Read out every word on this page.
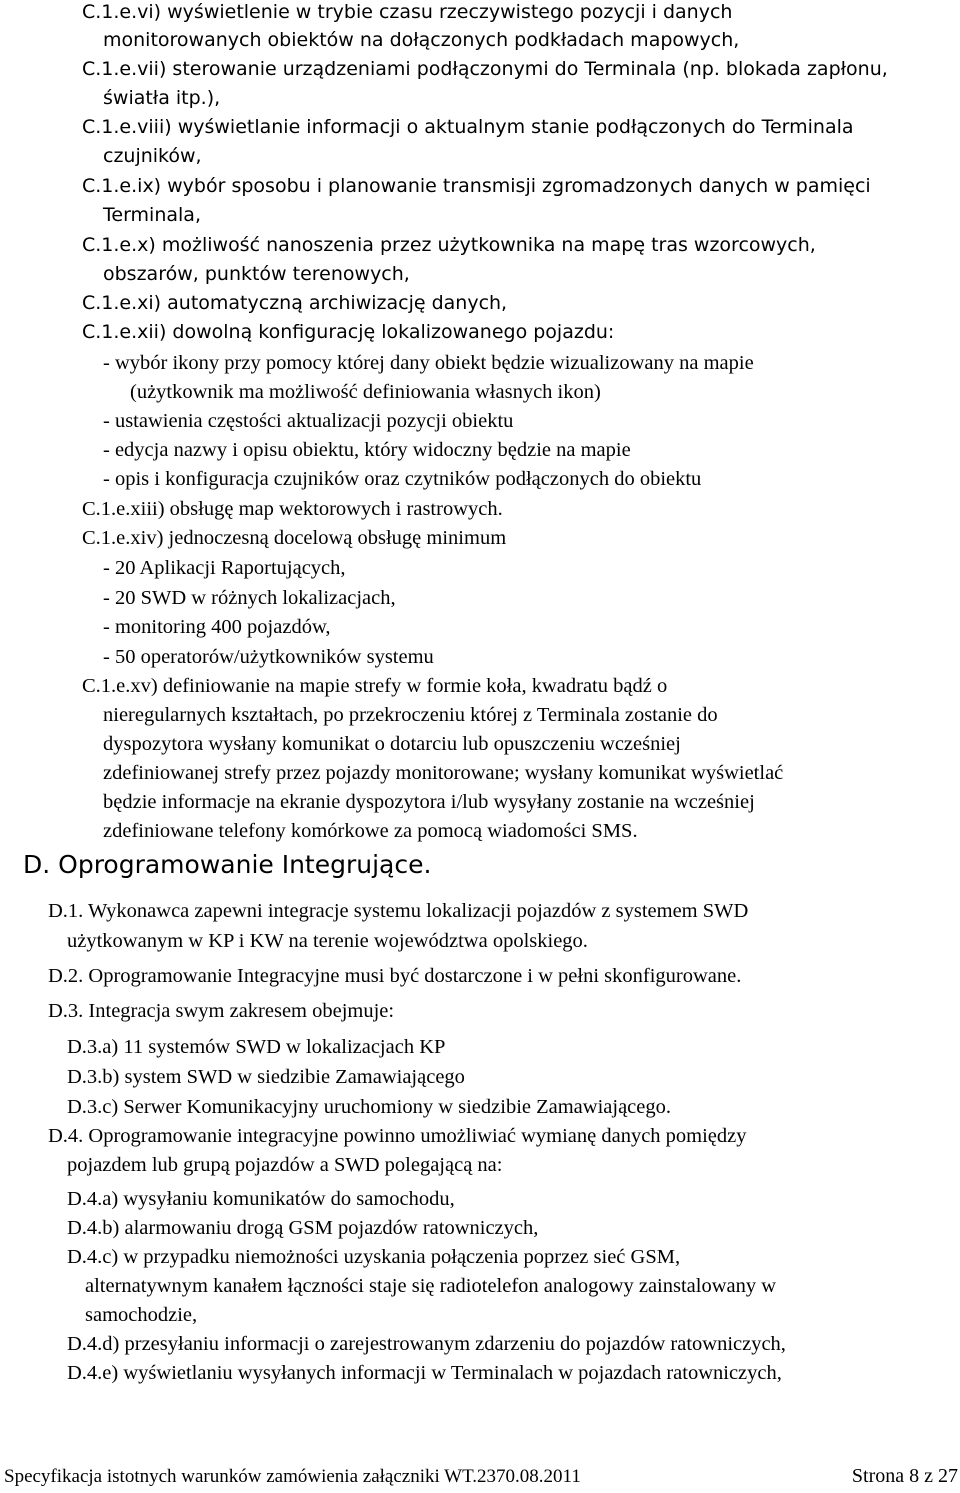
C.1.e.vi) wyświetlenie w trybie czasu rzeczywistego pozycji i danych
monitorowanych obiektów na dołączonych podkładach mapowych,
C.1.e.vii) sterowanie urządzeniami podłączonymi do Terminala (np. blokada zapłonu,
światła itp.),
C.1.e.viii) wyświetlanie informacji o aktualnym stanie podłączonych do Terminala
czujników,
C.1.e.ix) wybór sposobu i planowanie transmisji zgromadzonych danych w pamięci
Terminala,
C.1.e.x) możliwość nanoszenia przez użytkownika na mapę tras wzorcowych,
obszarów, punktów terenowych,
C.1.e.xi) automatyczną archiwizację danych,
C.1.e.xii) dowolną konfigurację lokalizowanego pojazdu:
- wybór ikony przy pomocy której dany obiekt będzie wizualizowany na mapie
(użytkownik ma możliwość definiowania własnych ikon)
- ustawienia częstości aktualizacji pozycji obiektu
- edycja nazwy i opisu obiektu, który widoczny będzie na mapie
- opis i konfiguracja czujników oraz czytników podłączonych do obiektu
C.1.e.xiii) obsługę map wektorowych i rastrowych.
C.1.e.xiv) jednoczesną docelową obsługę minimum
- 20 Aplikacji Raportujących,
- 20 SWD w różnych lokalizacjach,
- monitoring 400 pojazdów,
- 50 operatorów/użytkowników systemu
C.1.e.xv) definiowanie na mapie strefy w formie koła, kwadratu bądź o
nieregularnych kształtach, po przekroczeniu której z Terminala zostanie do
dyspozytora wysłany komunikat o dotarciu lub opuszczeniu wcześniej
zdefiniowanej strefy przez pojazdy monitorowane; wysłany komunikat wyświetlać
będzie informacje na ekranie dyspozytora i/lub wysyłany zostanie na wcześniej
zdefiniowane telefony komórkowe za pomocą wiadomości SMS.
D. Oprogramowanie Integrujące.
D.1. Wykonawca zapewni integracje systemu lokalizacji pojazdów z systemem SWD
użytkowanym w KP i KW na terenie województwa opolskiego.
D.2. Oprogramowanie Integracyjne musi być dostarczone i w pełni skonfigurowane.
D.3. Integracja swym zakresem obejmuje:
D.3.a) 11 systemów SWD w lokalizacjach KP
D.3.b) system SWD w siedzibie Zamawiającego
D.3.c) Serwer Komunikacyjny uruchomiony w siedzibie Zamawiającego.
D.4. Oprogramowanie integracyjne powinno umożliwiać wymianę danych pomiędzy
pojazdem lub grupą pojazdów a SWD polegającą na:
D.4.a) wysyłaniu komunikatów do samochodu,
D.4.b) alarmowaniu drogą GSM pojazdów ratowniczych,
D.4.c) w przypadku niemożności uzyskania połączenia poprzez sieć GSM,
alternatywnym kanałem łączności staje się radiotelefon analogowy zainstalowany w
samochodzie,
D.4.d) przesyłaniu informacji o zarejestrowanym zdarzeniu do pojazdów ratowniczych,
D.4.e) wyświetlaniu wysyłanych informacji w Terminalach w pojazdach ratowniczych,
Specyfikacja istotnych warunków zamówienia załączniki WT.2370.08.2011	Strona 8 z 27
